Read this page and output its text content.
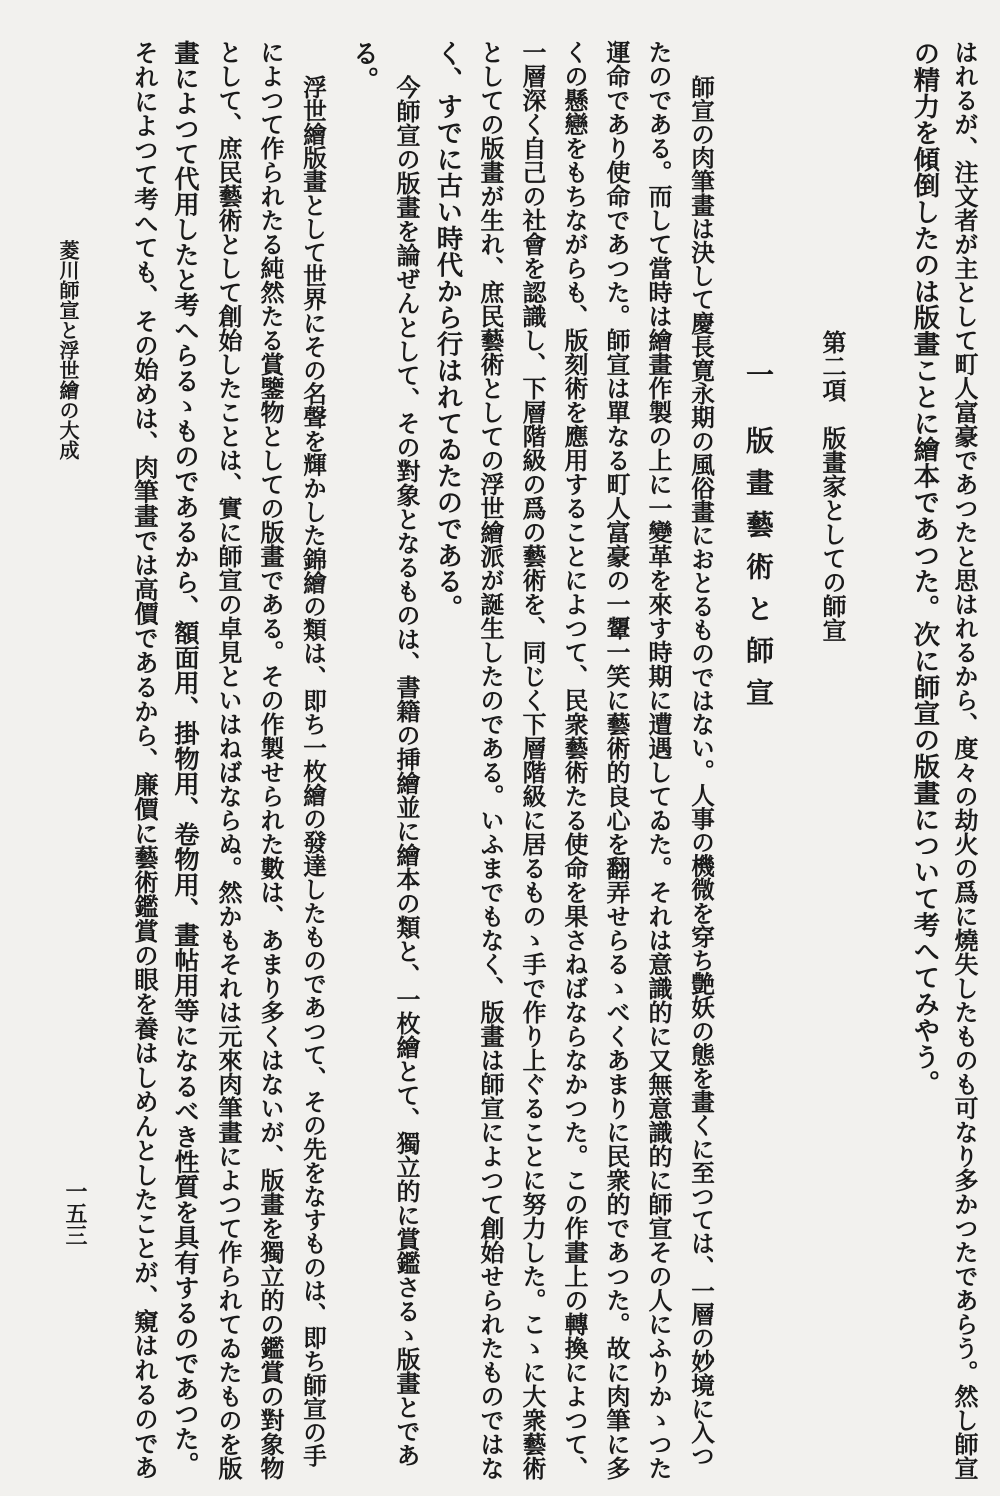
はれるが、注文者が主として町人富豪であつたと思はれるから、度々の劫火の爲に燒失したものも可なり多かつたであらう。然し師宣

の精力を傾倒したのは版畫ことに繪本であつた。次に師宣の版畫について考へてみやう。

第二項版畫家としての師宣
一 版畫藝術と師宣

師宣の肉筆畫は決して慶長寛永期の風俗畫におとるものではない。人事の機微を穿ち艶妖の態を畫くに至つては、一層の妙境に入つ

たのである。而して當時は繪畫作製の上に一變革を來す時期に遭遇してゐた。それは意識的に又無意識的に師宣その人にふりかゝつた

運命であり使命であつた。師宣は單なる町人富豪の一顰一笑に藝術的良心を翻弄せらるゝべくあまりに民衆的であつた。故に肉筆に多

くの懸戀をもちながらも、版刻術を應用することによつて、民衆藝術たる使命を果さねばならなかつた。この作畫上の轉換によつて、

一層深く自己の社會を認識し、下層階級の爲の藝術を、同じく下層階級に居るものゝ手で作り上ぐることに努力した。こゝに大衆藝術

としての版畫が生れ、庶民藝術としての浮世繪派が誕生したのである。いふまでもなく、版畫は師宣によつて創始せられたものではな

く、すでに古い時代から行はれてゐたのである。

今師宣の版畫を論ぜんとして、その對象となるものは、書籍の挿繪並に繪本の類と、一枚繪とて、獨立的に賞鑑さるゝ版畫とであ

る。

浮世繪版畫として世界にその名聲を輝かした錦繪の類は、即ち一枚繪の發達したものであつて、その先をなすものは、即ち師宣の手

によつて作られたる純然たる賞鑒物としての版畫である。その作製せられた數は、あまり多くはないが、版畫を獨立的の鑑賞の對象物

として、庶民藝術として創始したことは、實に師宣の卓見といはねばならぬ。然かもそれは元來肉筆畫によつて作られてゐたものを版

畫によつて代用したと考へらるゝものであるから、額面用、掛物用、卷物用、畫帖用等になるべき性質を具有するのであつた。

それによつて考へても、その始めは、肉筆畫では高價であるから、廉價に藝術鑑賞の眼を養はしめんとしたことが、窺はれるのであ

一五三
菱川師宣と浮世繪の大成
